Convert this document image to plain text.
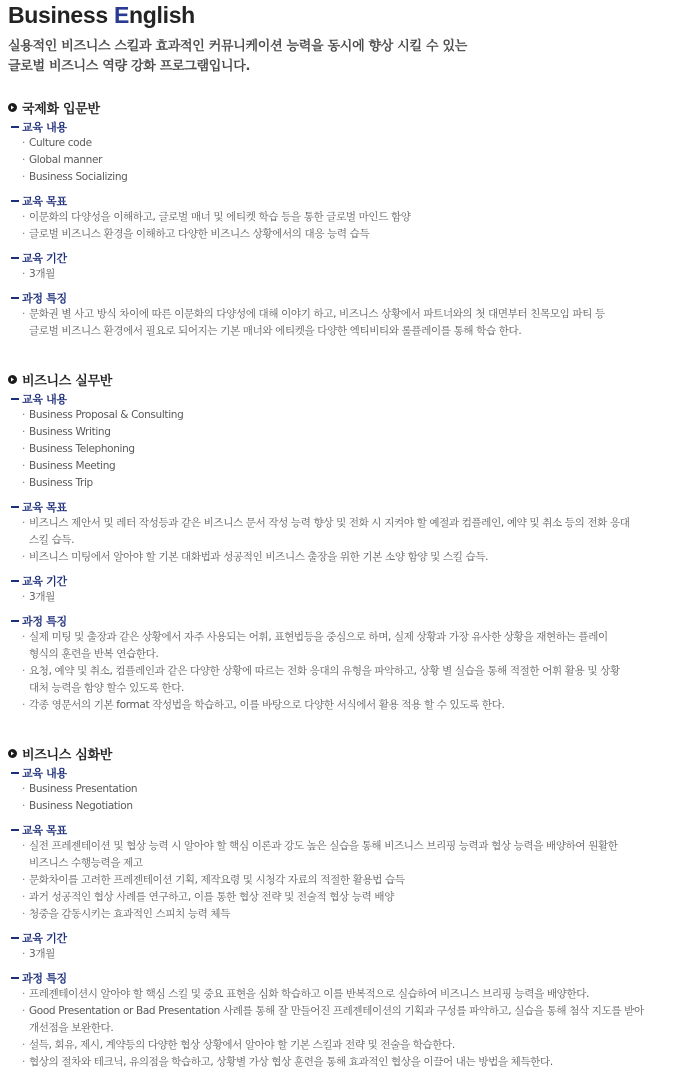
Business English
실용적인 비즈니스 스킬과 효과적인 커뮤니케이션 능력을 동시에 향상 시킬 수 있는
글로벌 비즈니스 역량 강화 프로그램입니다.
국제화 입문반
교육 내용
· Culture code
· Global manner
· Business Socializing
교육 목표
· 이문화의 다양성을 이해하고, 글로벌 매너 및 에티켓 학습 등을 통한 글로벌 마인드 함양
· 글로벌 비즈니스 환경을 이해하고 다양한 비즈니스 상황에서의 대응 능력 습득
교육 기간
· 3개월
과정 특징
· 문화권 별 사고 방식 차이에 따른 이문화의 다양성에 대해 이야기 하고, 비즈니스 상황에서 파트너와의 첫 대면부터 친목모임 파티 등
글로벌 비즈니스 환경에서 필요로 되어지는 기본 매너와 에티켓을 다양한 엑티비티와 롤플레이를 통해 학습 한다.
비즈니스 실무반
교육 내용
· Business Proposal & Consulting
· Business Writing
· Business Telephoning
· Business Meeting
· Business Trip
교육 목표
· 비즈니스 제안서 및 레터 작성등과 같은 비즈니스 문서 작성 능력 향상 및 전화 시 지켜야 할 예절과 컴플레인, 예약 및 취소 등의 전화 응대
스킬 습득.
· 비즈니스 미팅에서 알아야 할 기본 대화법과 성공적인 비즈니스 출장을 위한 기본 소양 함양 및 스킬 습득.
교육 기간
· 3개월
과정 특징
· 실제 미팅 및 출장과 같은 상황에서 자주 사용되는 어휘, 표현법등을 중심으로 하며, 실제 상황과 가장 유사한 상황을 재현하는 플레이
형식의 훈련을 반복 연습한다.
· 요청, 예약 및 취소, 컴플레인과 같은 다양한 상황에 따르는 전화 응대의 유형을 파악하고, 상황 별 실습을 통해 적절한 어휘 활용 및 상황
대처 능력을 함양 할수 있도록 한다.
· 각종 영문서의 기본 format 작성법을 학습하고, 이를 바탕으로 다양한 서식에서 활용 적용 할 수 있도록 한다.
비즈니스 심화반
교육 내용
· Business Presentation
· Business Negotiation
교육 목표
· 실전 프레젠테이션 및 협상 능력 시 알아야 할 핵심 이론과 강도 높은 실습을 통해 비즈니스 브리핑 능력과 협상 능력을 배양하여 원활한
비즈니스 수행능력을 제고
· 문화차이를 고려한 프레젠테이션 기획, 제작요령 및 시청각 자료의 적절한 활용법 습득
· 과거 성공적인 협상 사례를 연구하고, 이를 통한 협상 전략 및 전술적 협상 능력 배양
· 청중을 감동시키는 효과적인 스피치 능력 체득
교육 기간
· 3개월
과정 특징
· 프레젠테이션시 알아야 할 핵심 스킬 및 중요 표현을 심화 학습하고 이를 반복적으로 실습하여 비즈니스 브리핑 능력을 배양한다.
· Good Presentation or Bad Presentation 사례를 통해 잘 만들어진 프레젠테이션의 기획과 구성를 파악하고, 실습을 통해 첨삭 지도를 받아
개선점을 보완한다.
· 설득, 회유, 제시, 계약등의 다양한 협상 상황에서 알아야 할 기본 스킬과 전략 및 전술을 학습한다.
· 협상의 절차와 테크닉, 유의점을 학습하고, 상황별 가상 협상 훈련을 통해 효과적인 협상을 이끌어 내는 방법을 체득한다.
